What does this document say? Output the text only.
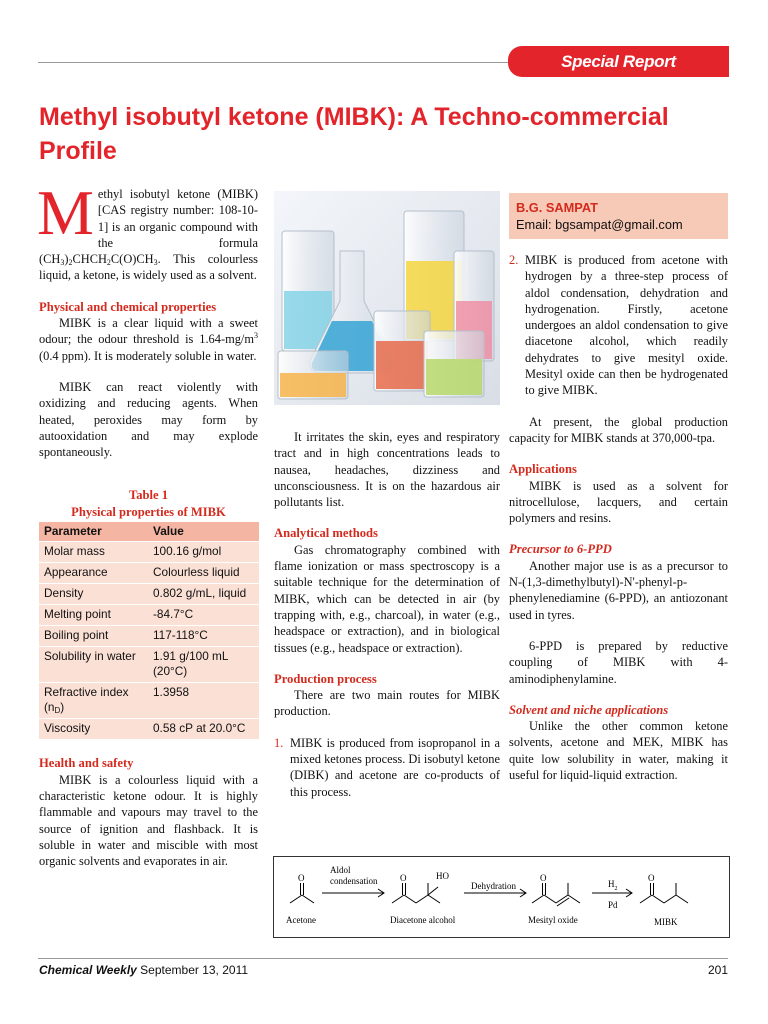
Special Report
Methyl isobutyl ketone (MIBK): A Techno-commercial Profile

Methyl isobutyl ketone (MIBK) [CAS registry number: 108-10-1] is an organic compound with the formula $(CH_3)_2CHCH_2C(O)CH_3$. This colourless liquid, a ketone, is widely used as a solvent.

Physical and chemical properties

MIBK is a clear liquid with a sweet odour; the odour threshold is $1.64-mg/m^3$ (0.4 ppm). It is moderately soluble in water.

MIBK can react violently with oxidizing and reducing agents. When heated, peroxides may form by autooxidation and may explode spontaneously.

Table 1
Physical properties of MIBK
Parameter	Value
Molar mass	100.16 g/mol
Appearance	Colourless liquid
Density	0.802 g/mL, liquid
Melting point	-84.7°C
Boiling point	117-118°C
Solubility in water	1.91 g/100 mL (20°C)
Refractive index $(n_D)$	1.3958
Viscosity	0.58 cP at 20.0°C

Health and safety

MIBK is a colourless liquid with a characteristic ketone odour. It is highly flammable and vapours may travel to the source of ignition and flashback. It is soluble in water and miscible with most organic solvents and evaporates in air.

It irritates the skin, eyes and respiratory tract and in high concentrations leads to nausea, headaches, dizziness and unconsciousness. It is on the hazardous air pollutants list.

Analytical methods

Gas chromatography combined with flame ionization or mass spectroscopy is a suitable technique for the determination of MIBK, which can be detected in air (by trapping with, e.g., charcoal), in water (e.g., headspace or extraction), and in biological tissues (e.g., headspace or extraction).

Production process

There are two main routes for MIBK production.

1. MIBK is produced from isopropanol in a mixed ketones process. Di isobutyl ketone (DIBK) and acetone are co-products of this process.
B.G. SAMPAT
Email: bgsampat@gmail.com
2. MIBK is produced from acetone with hydrogen by a three-step process of aldol condensation, dehydration and hydrogenation. Firstly, acetone undergoes an aldol condensation to give diacetone alcohol, which readily dehydrates to give mesityl oxide. Mesityl oxide can then be hydrogenated to give MIBK.

At present, the global production capacity for MIBK stands at 370,000-tpa.

Applications

MIBK is used as a solvent for nitrocellulose, lacquers, and certain polymers and resins.

Precursor to 6-PPD

Another major use is as a precursor to N-(1,3-dimethylbutyl)-N'-phenyl-p-phenylenediamine (6-PPD), an antiozonant used in tyres.

6-PPD is prepared by reductive coupling of MIBK with 4-aminodiphenylamine.

Solvent and niche applications

Unlike the other common ketone solvents, acetone and MEK, MIBK has quite low solubility in water, making it useful for liquid-liquid extraction.

O	O	O	O
Acetone
Aldol
condensation	HO
Diacetone alcohol
Dehydration
Mesityl oxide
$H_2$
Pd
MIBK
Chemical Weekly September 13, 2011	201
